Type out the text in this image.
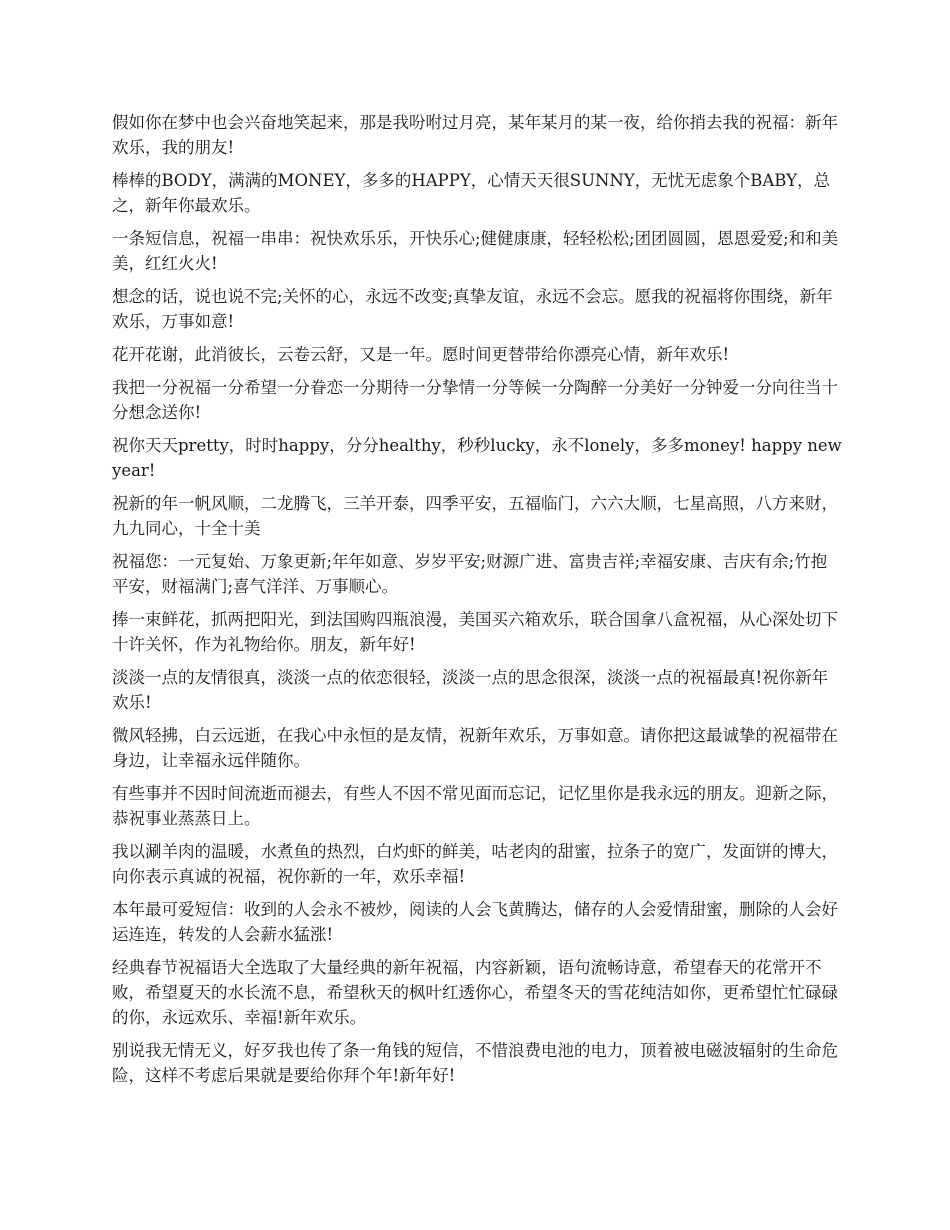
假如你在梦中也会兴奋地笑起来，那是我吩咐过月亮，某年某月的某一夜，给你捎去我的祝福：新年欢乐，我的朋友!

棒棒的BODY，满满的MONEY，多多的HAPPY，心情天天很SUNNY，无忧无虑象个BABY，总之，新年你最欢乐。

一条短信息，祝福一串串：祝快欢乐乐，开快乐心;健健康康，轻轻松松;团团圆圆，恩恩爱爱;和和美美，红红火火!

想念的话，说也说不完;关怀的心，永远不改变;真挚友谊，永远不会忘。愿我的祝福将你围绕，新年欢乐，万事如意!

花开花谢，此消彼长，云卷云舒，又是一年。愿时间更替带给你漂亮心情，新年欢乐!

我把一分祝福一分希望一分眷恋一分期待一分挚情一分等候一分陶醉一分美好一分钟爱一分向往当十分想念送你!

祝你天天pretty，时时happy，分分healthy，秒秒lucky，永不lonely，多多money! happy new year!

祝新的年一帆风顺，二龙腾飞，三羊开泰，四季平安，五福临门，六六大顺，七星高照，八方来财，九九同心，十全十美

祝福您：一元复始、万象更新;年年如意、岁岁平安;财源广进、富贵吉祥;幸福安康、吉庆有余;竹抱平安，财福满门;喜气洋洋、万事顺心。

捧一束鲜花，抓两把阳光，到法国购四瓶浪漫，美国买六箱欢乐，联合国拿八盒祝福，从心深处切下十许关怀，作为礼物给你。朋友，新年好!

淡淡一点的友情很真，淡淡一点的依恋很轻，淡淡一点的思念很深，淡淡一点的祝福最真!祝你新年欢乐!

微风轻拂，白云远逝，在我心中永恒的是友情，祝新年欢乐，万事如意。请你把这最诚挚的祝福带在身边，让幸福永远伴随你。

有些事并不因时间流逝而褪去，有些人不因不常见面而忘记，记忆里你是我永远的朋友。迎新之际，恭祝事业蒸蒸日上。

我以涮羊肉的温暖，水煮鱼的热烈，白灼虾的鲜美，咕老肉的甜蜜，拉条子的宽广，发面饼的博大，向你表示真诚的祝福，祝你新的一年，欢乐幸福!

本年最可爱短信：收到的人会永不被炒，阅读的人会飞黄腾达，储存的人会爱情甜蜜，删除的人会好运连连，转发的人会薪水猛涨!

经典春节祝福语大全选取了大量经典的新年祝福，内容新颖，语句流畅诗意，希望春天的花常开不败，希望夏天的水长流不息，希望秋天的枫叶红透你心，希望冬天的雪花纯洁如你，更希望忙忙碌碌的你，永远欢乐、幸福!新年欢乐。

别说我无情无义，好歹我也传了条一角钱的短信，不惜浪费电池的电力，顶着被电磁波辐射的生命危险，这样不考虑后果就是要给你拜个年!新年好!
